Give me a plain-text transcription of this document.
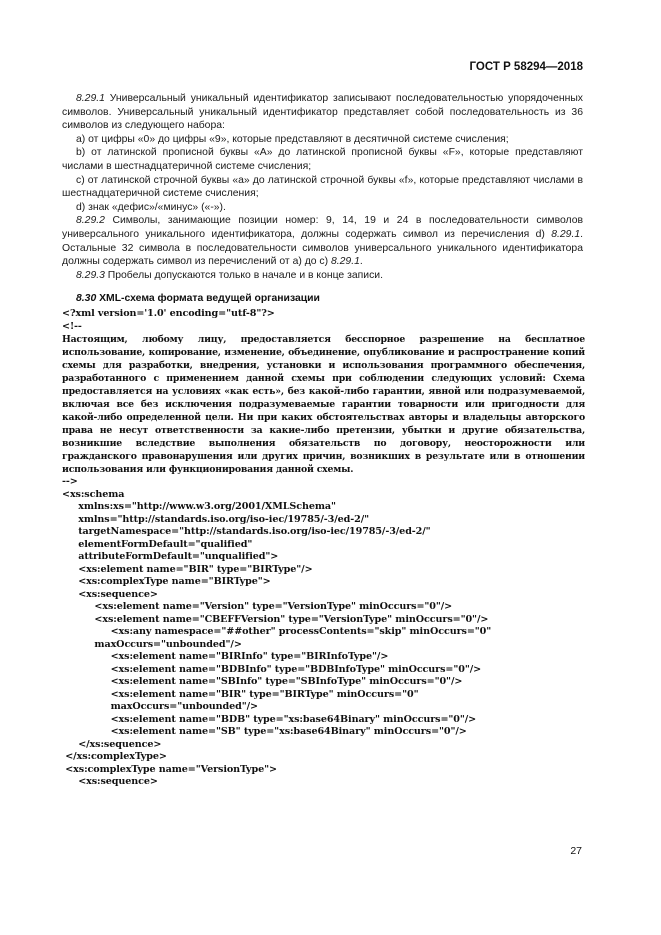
ГОСТ Р 58294—2018

8.29.1 Универсальный уникальный идентификатор записывают последовательностью упорядоченных символов. Универсальный уникальный идентификатор представляет собой последовательность из 36 символов из следующего набора:

а) от цифры «0» до цифры «9», которые представляют в десятичной системе счисления;

b) от латинской прописной буквы «А» до латинской прописной буквы «F», которые представляют числами в шестнадцатеричной системе счисления;

c) от латинской строчной буквы «а» до латинской строчной буквы «f», которые представляют числами в шестнадцатеричной системе счисления;

d) знак «дефис»/«минус» («-»).

8.29.2 Символы, занимающие позиции номер: 9, 14, 19 и 24 в последовательности символов универсального уникального идентификатора, должны содержать символ из перечисления d) 8.29.1. Остальные 32 символа в последовательности символов универсального уникального идентификатора должны содержать символ из перечислений от а) до с) 8.29.1.

8.29.3 Пробелы допускаются только в начале и в конце записи.

8.30 XML-схема формата ведущей организации
<?xml version='1.0' encoding="utf-8"?>
<!--
Настоящим, любому лицу, предоставляется бесспорное разрешение на бесплатное использование, копирование, изменение, объединение, опубликование и распространение копий схемы для разработки, внедрения, установки и использования программного обеспечения, разработанного с применением данной схемы при соблюдении следующих условий: Схема предоставляется на условиях «как есть», без какой-либо гарантии, явной или подразумеваемой, включая все без исключения подразумеваемые гарантии товарности или пригодности для какой-либо определенной цели. Ни при каких обстоятельствах авторы и владельцы авторского права не несут ответственности за какие-либо претензии, убытки и другие обязательства, возникшие вследствие выполнения обязательств по договору, неосторожности или гражданского правонарушения или других причин, возникших в результате или в отношении использования или функционирования данной схемы.
-->
<xs:schema
xmlns:xs="http://www.w3.org/2001/XMLSchema"
xmlns="http://standards.iso.org/iso-iec/19785/-3/ed-2/"
targetNamespace="http://standards.iso.org/iso-iec/19785/-3/ed-2/"
elementFormDefault="qualified"
attributeFormDefault="unqualified">
<xs:element name="BIR" type="BIRType"/>
<xs:complexType name="BIRType">
<xs:sequence>
<xs:element name="Version" type="VersionType" minOccurs="0"/>
<xs:element name="CBEFFVersion" type="VersionType" minOccurs="0"/>
<xs:any namespace="##other" processContents="skip" minOccurs="0"
maxOccurs="unbounded"/>
<xs:element name="BIRInfo" type="BIRInfoType"/>
<xs:element name="BDBInfo" type="BDBInfoType" minOccurs="0"/>
<xs:element name="SBInfo" type="SBInfoType" minOccurs="0"/>
<xs:element name="BIR" type="BIRType" minOccurs="0"
maxOccurs="unbounded"/>
<xs:element name="BDB" type="xs:base64Binary" minOccurs="0"/>
<xs:element name="SB" type="xs:base64Binary" minOccurs="0"/>
</xs:sequence>
</xs:complexType>
<xs:complexType name="VersionType">
<xs:sequence>
27
